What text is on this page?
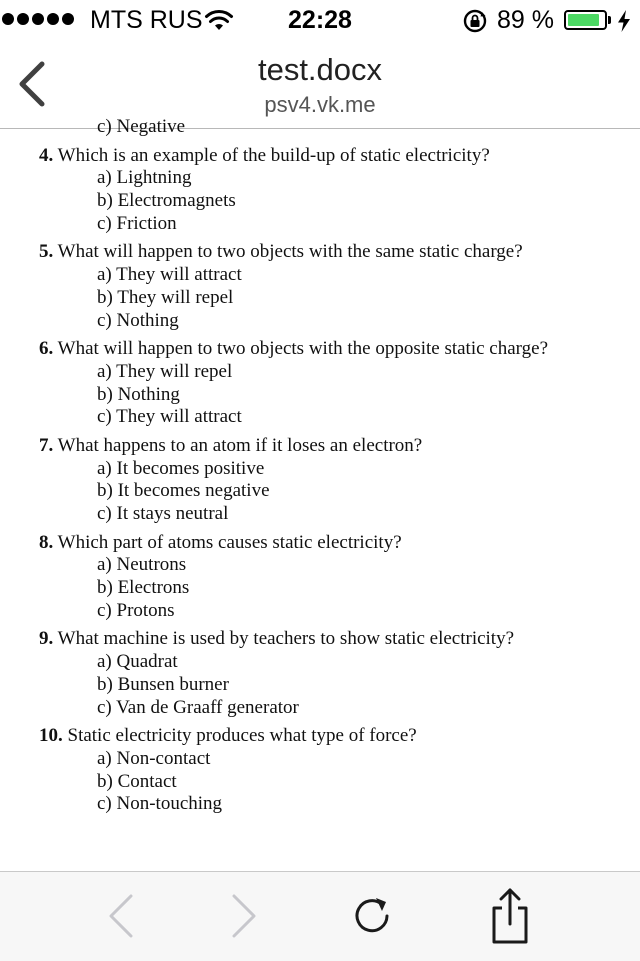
MTS RUS	22:28	89 %
test.docx
psv4.vk.me
c) Negative
4. Which is an example of the build-up of static electricity?
a) Lightning
b) Electromagnets
c) Friction
5. What will happen to two objects with the same static charge?
a) They will attract
b) They will repel
c) Nothing
6. What will happen to two objects with the opposite static charge?
a) They will repel
b) Nothing
c) They will attract
7. What happens to an atom if it loses an electron?
a) It becomes positive
b) It becomes negative
c) It stays neutral
8. Which part of atoms causes static electricity?
a) Neutrons
b) Electrons
c) Protons
9. What machine is used by teachers to show static electricity?
a) Quadrat
b) Bunsen burner
c) Van de Graaff generator
10. Static electricity produces what type of force?
a) Non-contact
b) Contact
c) Non-touching
